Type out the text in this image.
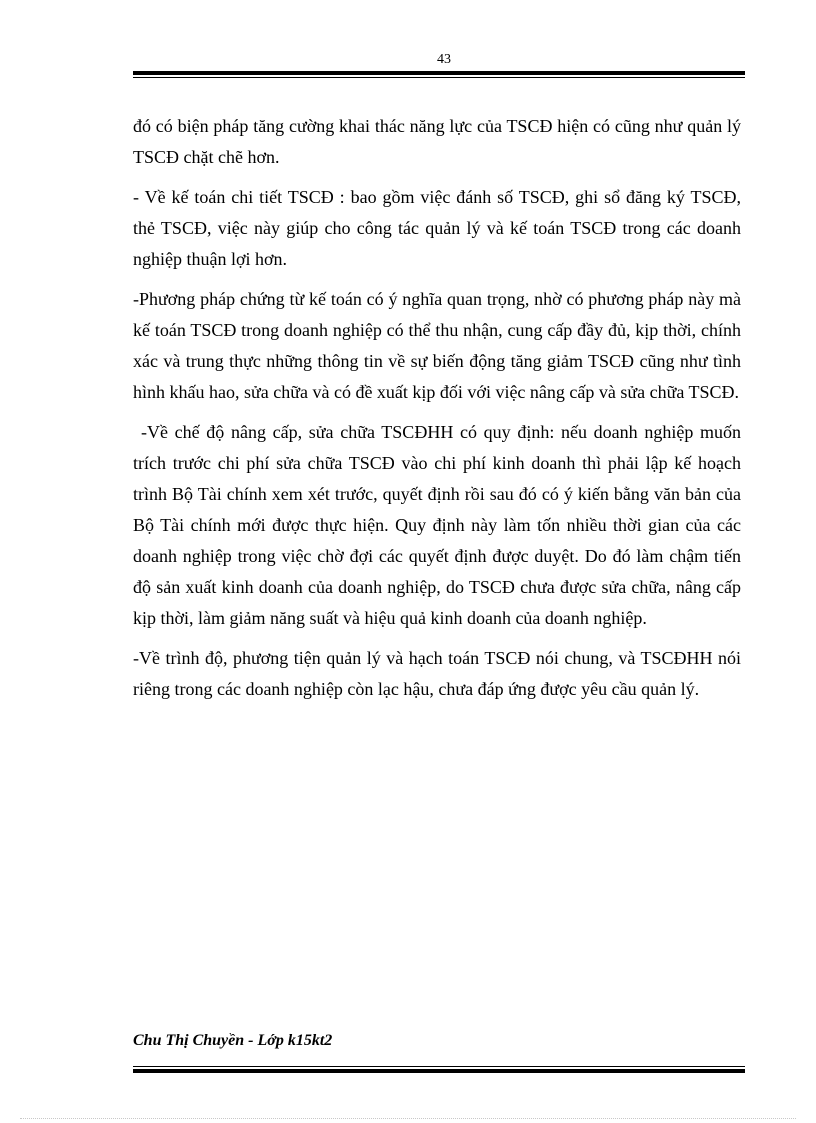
43

đó có biện pháp tăng cường khai thác năng lực của TSCĐ hiện có cũng như quản lý TSCĐ chặt chẽ hơn.

- Về kế toán chi tiết TSCĐ : bao gồm việc đánh số TSCĐ, ghi sổ đăng ký TSCĐ, thẻ TSCĐ, việc này giúp cho công tác quản lý và kế toán TSCĐ trong các doanh nghiệp thuận lợi hơn.

-Phương pháp chứng từ kế toán có ý nghĩa quan trọng, nhờ có phương pháp này mà kế toán TSCĐ trong doanh nghiệp có thể thu nhận, cung cấp đầy đủ, kịp thời, chính xác và trung thực những thông tin về sự biến động tăng giảm TSCĐ cũng như tình hình khấu hao, sửa chữa và có đề xuất kịp đối với việc nâng cấp và sửa chữa TSCĐ.

-Về chế độ nâng cấp, sửa chữa TSCĐHH có quy định: nếu doanh nghiệp muốn trích trước chi phí sửa chữa TSCĐ vào chi phí kinh doanh thì phải lập kế hoạch trình Bộ Tài chính xem xét trước, quyết định rồi sau đó có ý kiến bằng văn bản của Bộ Tài chính mới được thực hiện. Quy định này làm tốn nhiều thời gian của các doanh nghiệp trong việc chờ đợi các quyết định được duyệt. Do đó làm chậm tiến độ sản xuất kinh doanh của doanh nghiệp, do TSCĐ chưa được sửa chữa, nâng cấp kịp thời, làm giảm năng suất và hiệu quả kinh doanh của doanh nghiệp.

-Về trình độ, phương tiện quản lý và hạch toán TSCĐ nói chung, và TSCĐHH nói riêng trong các doanh nghiệp còn lạc hậu, chưa đáp ứng được yêu cầu quản lý.

Chu Thị Chuyền - Lớp k15kt2
